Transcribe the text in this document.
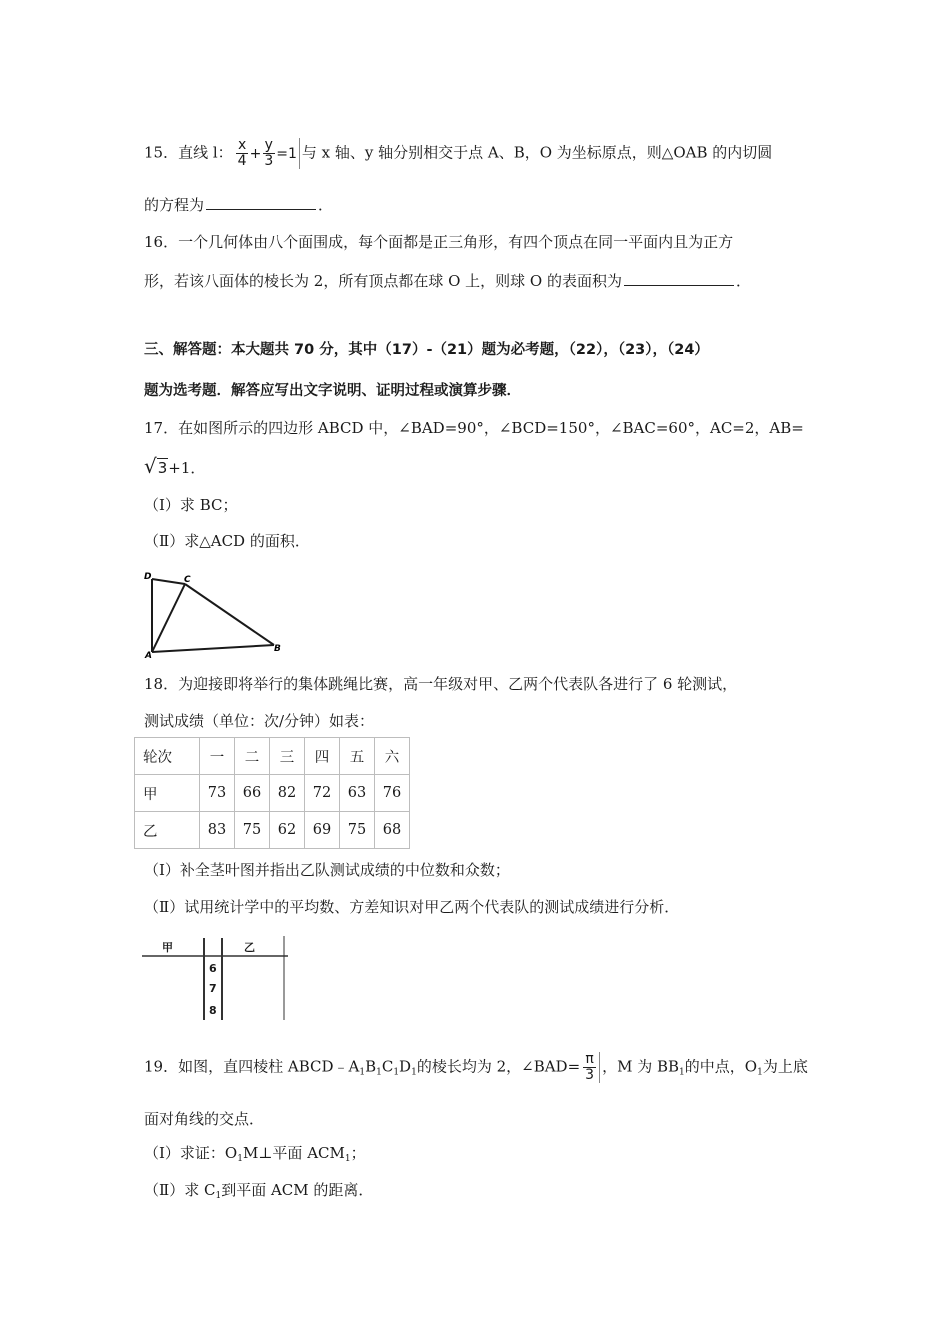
15．直线 l： $\frac{x}{4} + \frac{y}{3} =1$ 与 x 轴、y 轴分别相交于点 A、B，O 为坐标原点，则△OAB 的内切圆
的方程为	．
16．一个几何体由八个面围成，每个面都是正三角形，有四个顶点在同一平面内且为正方
形，若该八面体的棱长为 2，所有顶点都在球 O 上，则球 O 的表面积为	．
三、解答题：本大题共 70 分，其中（17）-（21）题为必考题，（22），（23），（24）
题为选考题．解答应写出文字说明、证明过程或演算步骤．
17．在如图所示的四边形 ABCD 中，∠BAD=90°，∠BCD=150°，∠BAC=60°，AC=2，AB=
√3+1．
（I）求 BC；
（Ⅱ）求△ACD 的面积．
D	C
A
B
18．为迎接即将举行的集体跳绳比赛，高一年级对甲、乙两个代表队各进行了 6 轮测试，
测试成绩（单位：次/分钟）如表：
轮次	一	二	三	四	五	六
甲	73	66	82	72	63	76
乙	83	75	62	69	75	68
（Ⅰ）补全茎叶图并指出乙队测试成绩的中位数和众数；
（Ⅱ）试用统计学中的平均数、方差知识对甲乙两个代表队的测试成绩进行分析．
甲	乙
6
7
8
19．如图，直四棱柱 $ABCD﹣A_1B_1C_1D_1$的棱长均为 2，∠BAD= $\frac{\pi}{3}$ ，M 为 $BB_1$的中点，$O_1$为上底
面对角线的交点．
（Ⅰ）求证：$O_1M\perp$平面 $ACM_1$；
（Ⅱ）求 $C_1$到平面 ACM 的距离．
